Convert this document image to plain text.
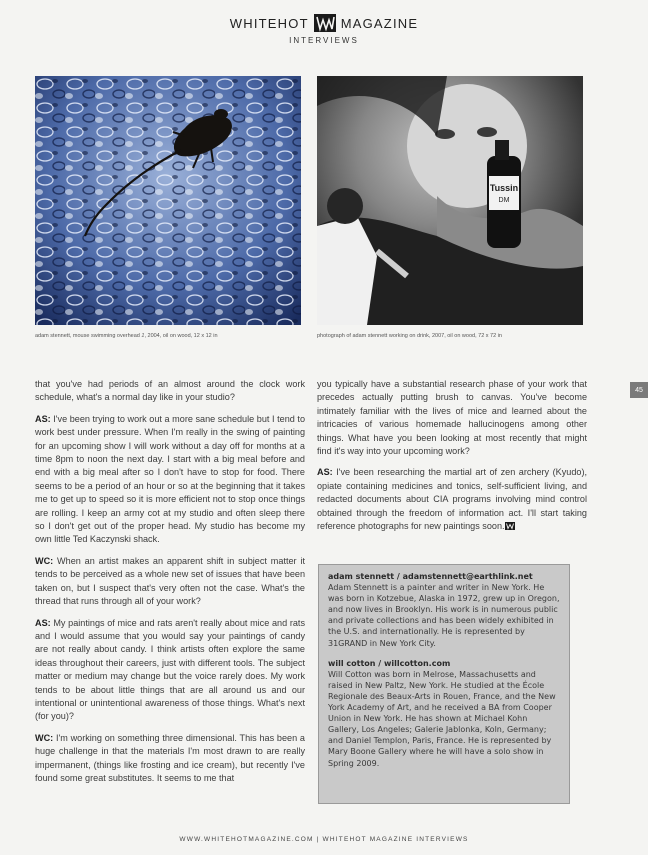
WHITEHOT MAGAZINE
INTERVIEWS
Tussin
DM
adam stennett, mouse swimming overhead 1, 2004, oil on wood, 12 x 12 in	photograph of adam stennett working on drink, 2007, oil on wood, 72 x 72 in
45

that you've had periods of an almost around the clock work schedule, what's a normal day like in your studio?

AS: I've been trying to work out a more sane schedule but I tend to work best under pressure. When I'm really in the swing of painting for an upcoming show I will work without a day off for months at a time 8pm to noon the next day. I start with a big meal before and end with a big meal after so I don't have to stop for food. There seems to be a period of an hour or so at the beginning that it takes me to get up to speed so it is more efficient not to stop once things are rolling. I keep an army cot at my studio and often sleep there so I don't get out of the proper head. My studio has become my own little Ted Kaczynski shack.

WC: When an artist makes an apparent shift in subject matter it tends to be perceived as a whole new set of issues that have been taken on, but I suspect that's very often not the case. What's the thread that runs through all of your work?

AS: My paintings of mice and rats aren't really about mice and rats and I would assume that you would say your paintings of candy are not really about candy. I think artists often explore the same ideas throughout their careers, just with different tools. The subject matter or medium may change but the voice rarely does. My work tends to be about little things that are all around us and our intentional or unintentional awareness of those things. What's next (for you)?

WC: I'm working on something three dimensional. This has been a huge challenge in that the materials I'm most drawn to are really impermanent, (things like frosting and ice cream), but recently I've found some great substitutes. It seems to me that

you typically have a substantial research phase of your work that precedes actually putting brush to canvas. You've become intimately familiar with the lives of mice and learned about the intricacies of various homemade hallucinogens among other things. What have you been looking at most recently that might find it's way into your upcoming work?

AS: I've been researching the martial art of zen archery (Kyudo), opiate containing medicines and tonics, self-sufficient living, and redacted documents about CIA programs involving mind control obtained through the freedom of information act. I'll start taking reference photographs for new paintings soon.

adam stennett / adamstennett@earthlink.net
Adam Stennett is a painter and writer in New York. He was born in Kotzebue, Alaska in 1972, grew up in Oregon, and now lives in Brooklyn. His work is in numerous public and private collections and has been widely exhibited in the U.S. and internationally. He is represented by 31GRAND in New York City.
will cotton / willcotton.com
Will Cotton was born in Melrose, Massachusetts and raised in New Paltz, New York. He studied at the École Regionale des Beaux-Arts in Rouen, France, and the New York Academy of Art, and he received a BA from Cooper Union in New York. He has shown at Michael Kohn Gallery, Los Angeles; Galerie Jablonka, Koln, Germany; and Daniel Templon, Paris, France. He is represented by Mary Boone Gallery where he will have a solo show in Spring 2009.
WWW.WHITEHOTMAGAZINE.COM | WHITEHOT MAGAZINE INTERVIEWS
